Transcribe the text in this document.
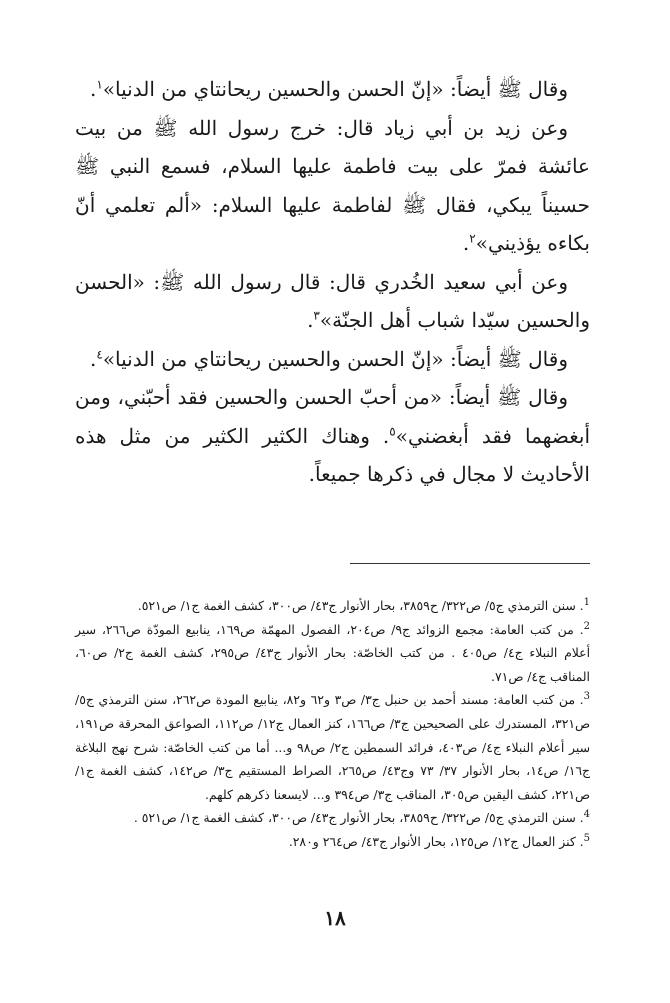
وقال ﷺ أيضاً: «إنّ الحسن والحسين ريحانتاي من الدنيا»$^١$.

وعن زيد بن أبي زياد قال: خرج رسول الله ﷺ من بيت عائشة فمرّ على بيت فاطمة عليها السلام، فسمع النبي ﷺ حسيناً يبكي، فقال ﷺ لفاطمة عليها السلام: «ألم تعلمي أنّ بكاءه يؤذيني»$^٢$.

وعن أبي سعيد الخُدري قال: قال رسول الله ﷺ: «الحسن والحسين سيّدا شباب أهل الجنّة»$^٣$.

وقال ﷺ أيضاً: «إنّ الحسن والحسين ريحانتاي من الدنيا»$^٤$.

وقال ﷺ أيضاً: «من أحبّ الحسن والحسين فقد أحبّني، ومن أبغضهما فقد أبغضني»$^٥$. وهناك الكثير الكثير من مثل هذه الأحاديث لا مجال في ذكرها جميعاً.

$^1$. سنن الترمذي ج٥/ ص٣٢٢/ ح٣٨٥٩، بحار الأنوار ج٤٣/ ص٣٠٠، كشف الغمة ج١/ ص٥٢١.

$^2$. من كتب العامة: مجمع الزوائد ج٩/ ص٢٠٤، الفصول المهمّة ص١٦٩، ينابيع المودّة ص٢٦٦، سير أعلام النبلاء ج٤/ ص٤٠٥ . من كتب الخاصّة: بحار الأنوار ج٤٣/ ص٢٩٥، كشف الغمة ج٢/ ص٦٠، المناقب ج٤/ ص٧١.

$^3$. من كتب العامة: مسند أحمد بن حنبل ج٣/ ص٣ و٦٢ و٨٢، ينابيع المودة ص٢٦٢، سنن الترمذي ج٥/ ص٣٢١، المستدرك على الصحيحين ج٣/ ص١٦٦، كنز العمال ج١٢/ ص١١٢، الصواعق المحرقة ص١٩١، سير أعلام النبلاء ج٤/ ص٤٠٣، فرائد السمطين ج٢/ ص٩٨ و... أما من كتب الخاصّة: شرح نهج البلاغة ج١٦/ ص١٤، بحار الأنوار ٣٧/ ٧٣ وج٤٣/ ص٢٦٥، الصراط المستقيم ج٣/ ص١٤٢، كشف الغمة ج١/ ص٢٢١، كشف اليقين ص٣٠٥، المناقب ج٣/ ص٣٩٤ و... لايسعنا ذكرهم كلهم.

$^4$. سنن الترمذي ج٥/ ص٣٢٢/ ح٣٨٥٩، بحار الأنوار ج٤٣/ ص٣٠٠، كشف الغمة ج١/ ص٥٢١ .

$^5$. كنز العمال ج١٢/ ص١٢٥، بحار الأنوار ج٤٣/ ص٢٦٤ و٢٨٠.

١٨
